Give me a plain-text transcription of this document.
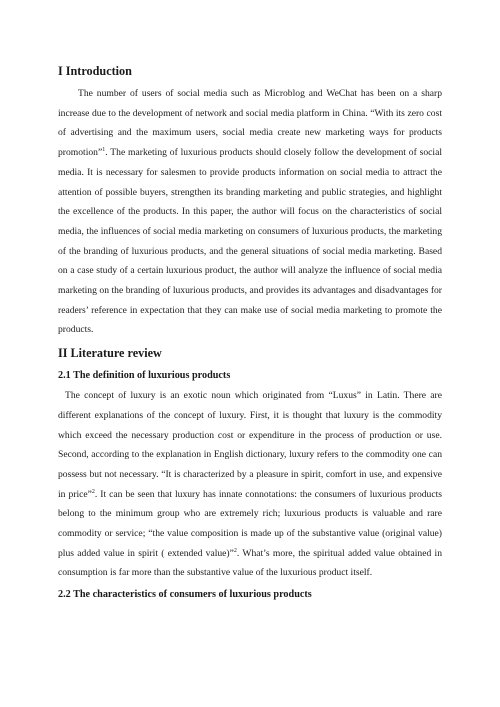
I Introduction

The number of users of social media such as Microblog and WeChat has been on a sharp increase due to the development of network and social media platform in China. “With its zero cost of advertising and the maximum users, social media create new marketing ways for products promotion”$^1$. The marketing of luxurious products should closely follow the development of social media. It is necessary for salesmen to provide products information on social media to attract the attention of possible buyers, strengthen its branding marketing and public strategies, and highlight the excellence of the products. In this paper, the author will focus on the characteristics of social media, the influences of social media marketing on consumers of luxurious products, the marketing of the branding of luxurious products, and the general situations of social media marketing. Based on a case study of a certain luxurious product, the author will analyze the influence of social media marketing on the branding of luxurious products, and provides its advantages and disadvantages for readers’ reference in expectation that they can make use of social media marketing to promote the products.

II Literature review
2.1 The definition of luxurious products

The concept of luxury is an exotic noun which originated from “Luxus” in Latin. There are different explanations of the concept of luxury. First, it is thought that luxury is the commodity which exceed the necessary production cost or expenditure in the process of production or use. Second, according to the explanation in English dictionary, luxury refers to the commodity one can possess but not necessary. “It is characterized by a pleasure in spirit, comfort in use, and expensive in price”$^2$. It can be seen that luxury has innate connotations: the consumers of luxurious products belong to the minimum group who are extremely rich; luxurious products is valuable and rare commodity or service; “the value composition is made up of the substantive value (original value) plus added value in spirit ( extended value)”$^2$. What’s more, the spiritual added value obtained in consumption is far more than the substantive value of the luxurious product itself.

2.2 The characteristics of consumers of luxurious products
